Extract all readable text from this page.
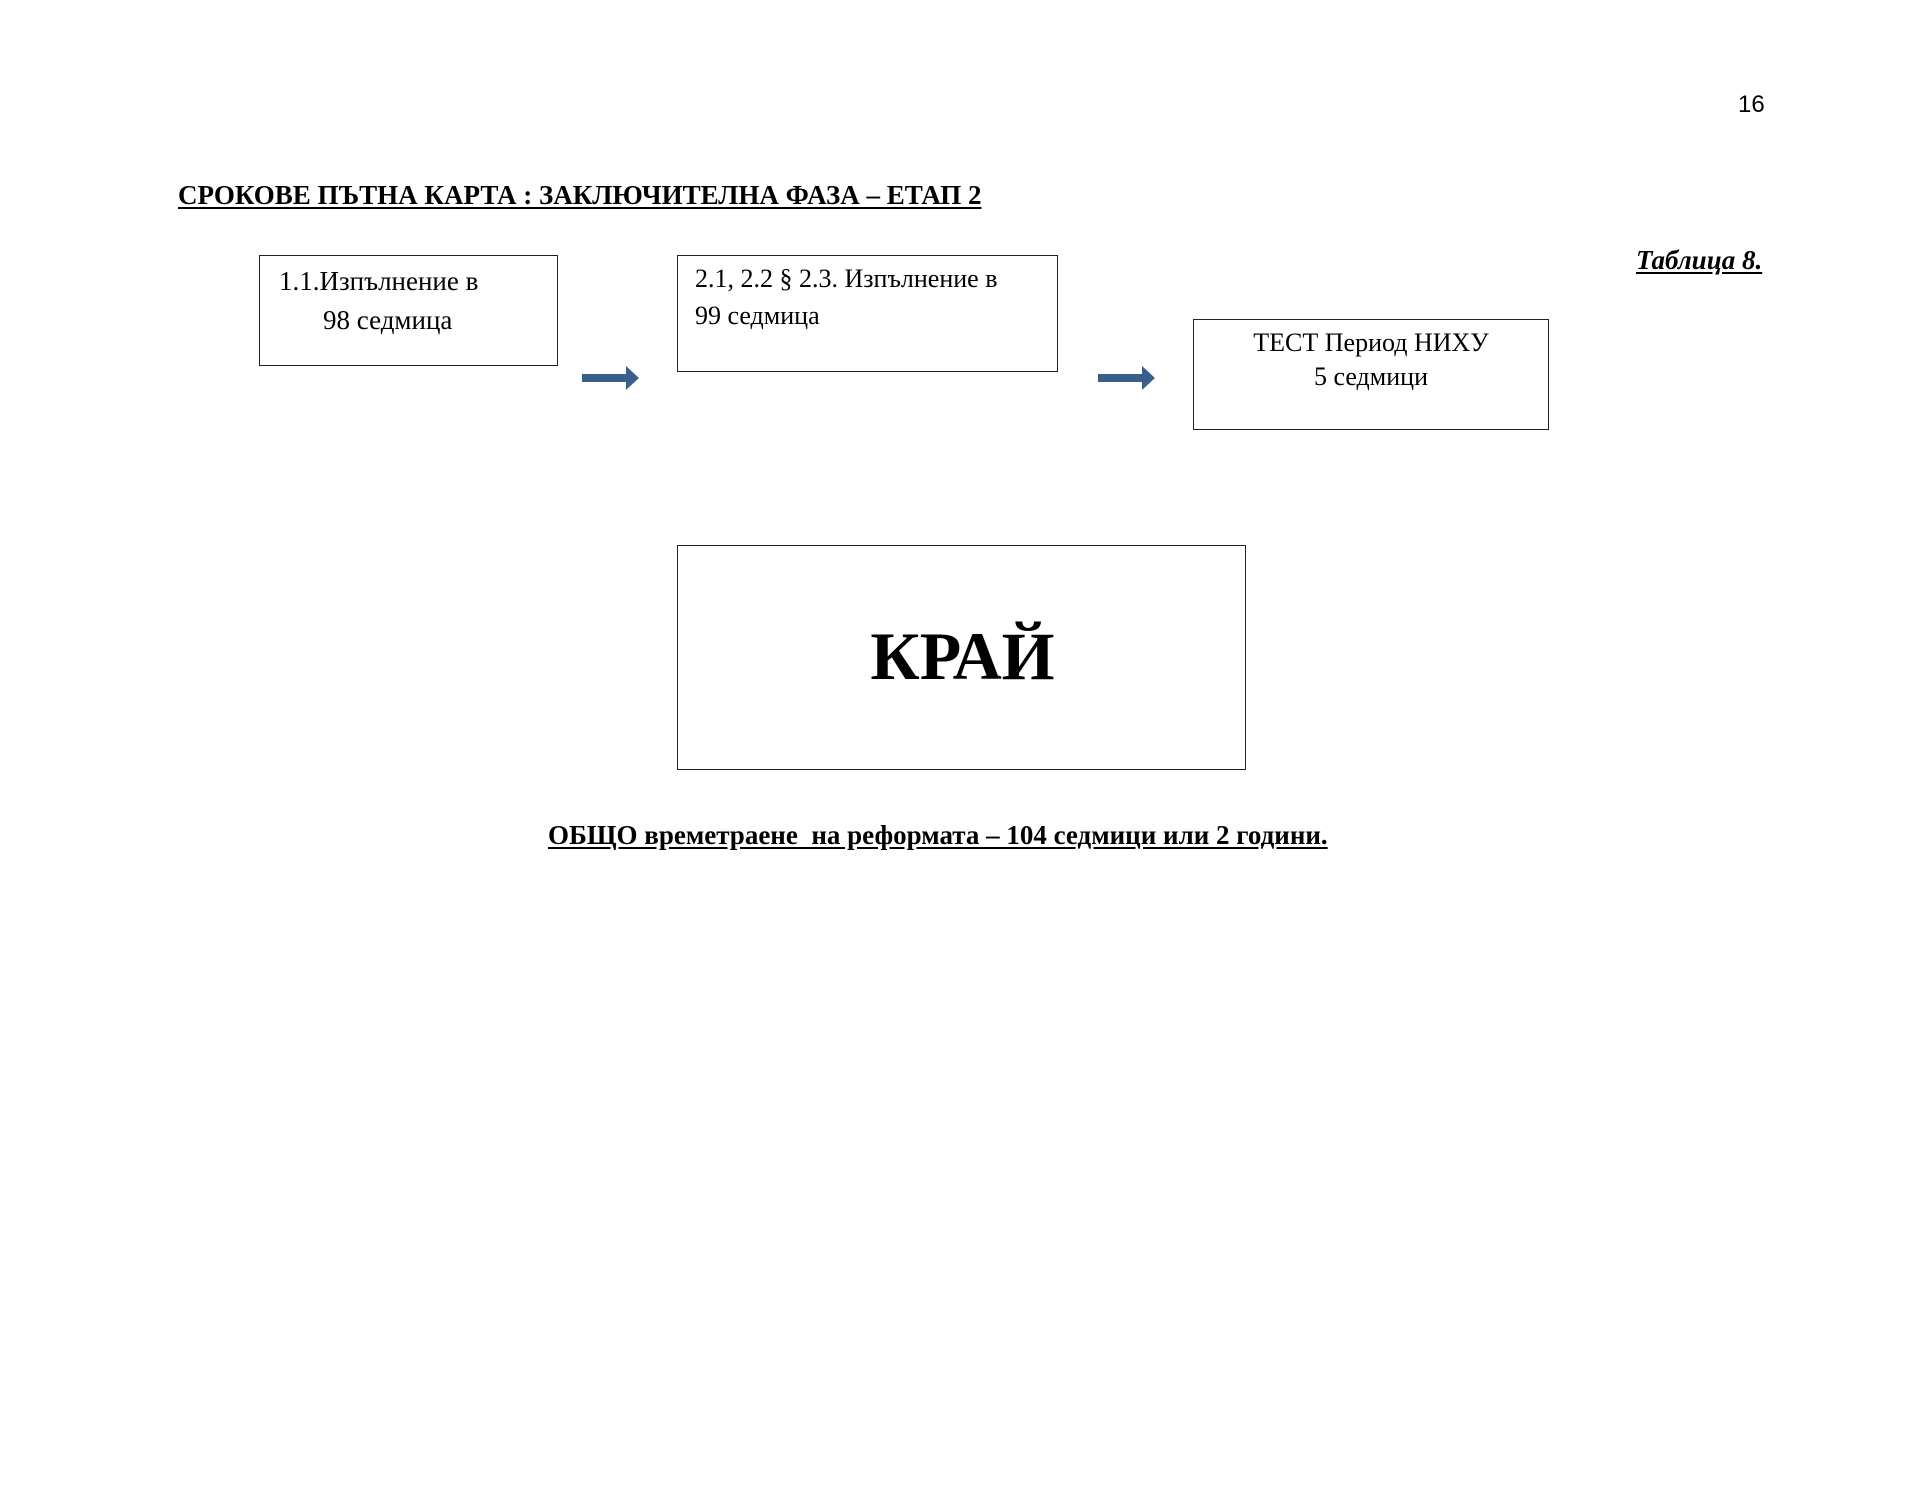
16
СРОКОВЕ ПЪТНА КАРТА : ЗАКЛЮЧИТЕЛНА ФАЗА – ЕТАП 2
Таблица 8.
1.1.Изпълнение в
98 седмица
2.1, 2.2 § 2.3. Изпълнение в
99 седмица
ТЕСТ Период НИХУ
5 седмици
КРАЙ
ОБЩО времетраене  на реформата – 104 седмици или 2 години.
